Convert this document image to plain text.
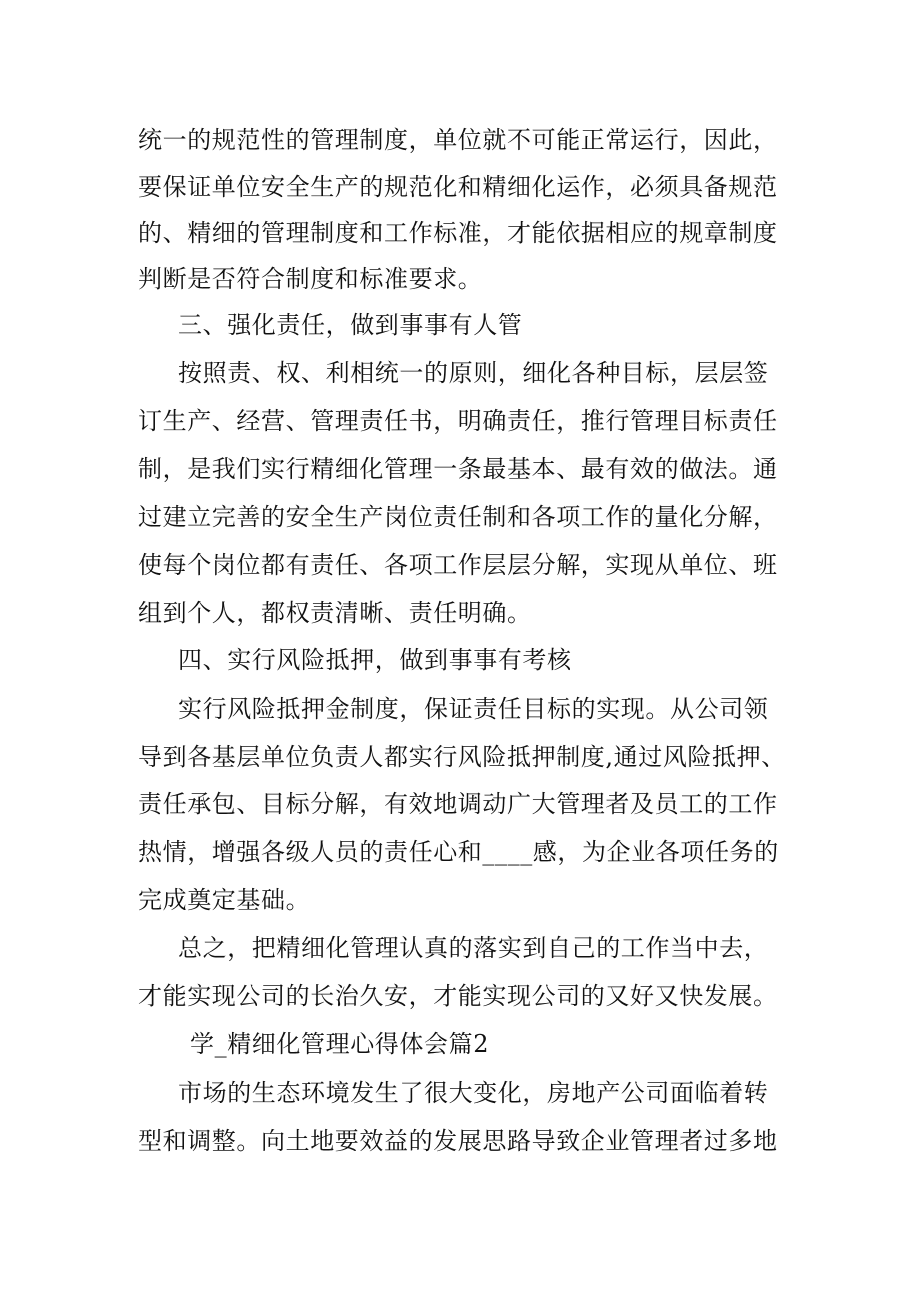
统一的规范性的管理制度，单位就不可能正常运行，因此，
要保证单位安全生产的规范化和精细化运作，必须具备规范
的、精细的管理制度和工作标准，才能依据相应的规章制度
判断是否符合制度和标准要求。
三、强化责任，做到事事有人管
按照责、权、利相统一的原则，细化各种目标，层层签
订生产、经营、管理责任书，明确责任，推行管理目标责任
制，是我们实行精细化管理一条最基本、最有效的做法。通
过建立完善的安全生产岗位责任制和各项工作的量化分解，
使每个岗位都有责任、各项工作层层分解，实现从单位、班
组到个人，都权责清晰、责任明确。
四、实行风险抵押，做到事事有考核
实行风险抵押金制度，保证责任目标的实现。从公司领
导到各基层单位负责人都实行风险抵押制度,通过风险抵押、
责任承包、目标分解，有效地调动广大管理者及员工的工作
热情，增强各级人员的责任心和____感，为企业各项任务的
完成奠定基础。
总之，把精细化管理认真的落实到自己的工作当中去，
才能实现公司的长治久安，才能实现公司的又好又快发展。
学_精细化管理心得体会篇2
市场的生态环境发生了很大变化，房地产公司面临着转
型和调整。向土地要效益的发展思路导致企业管理者过多地
